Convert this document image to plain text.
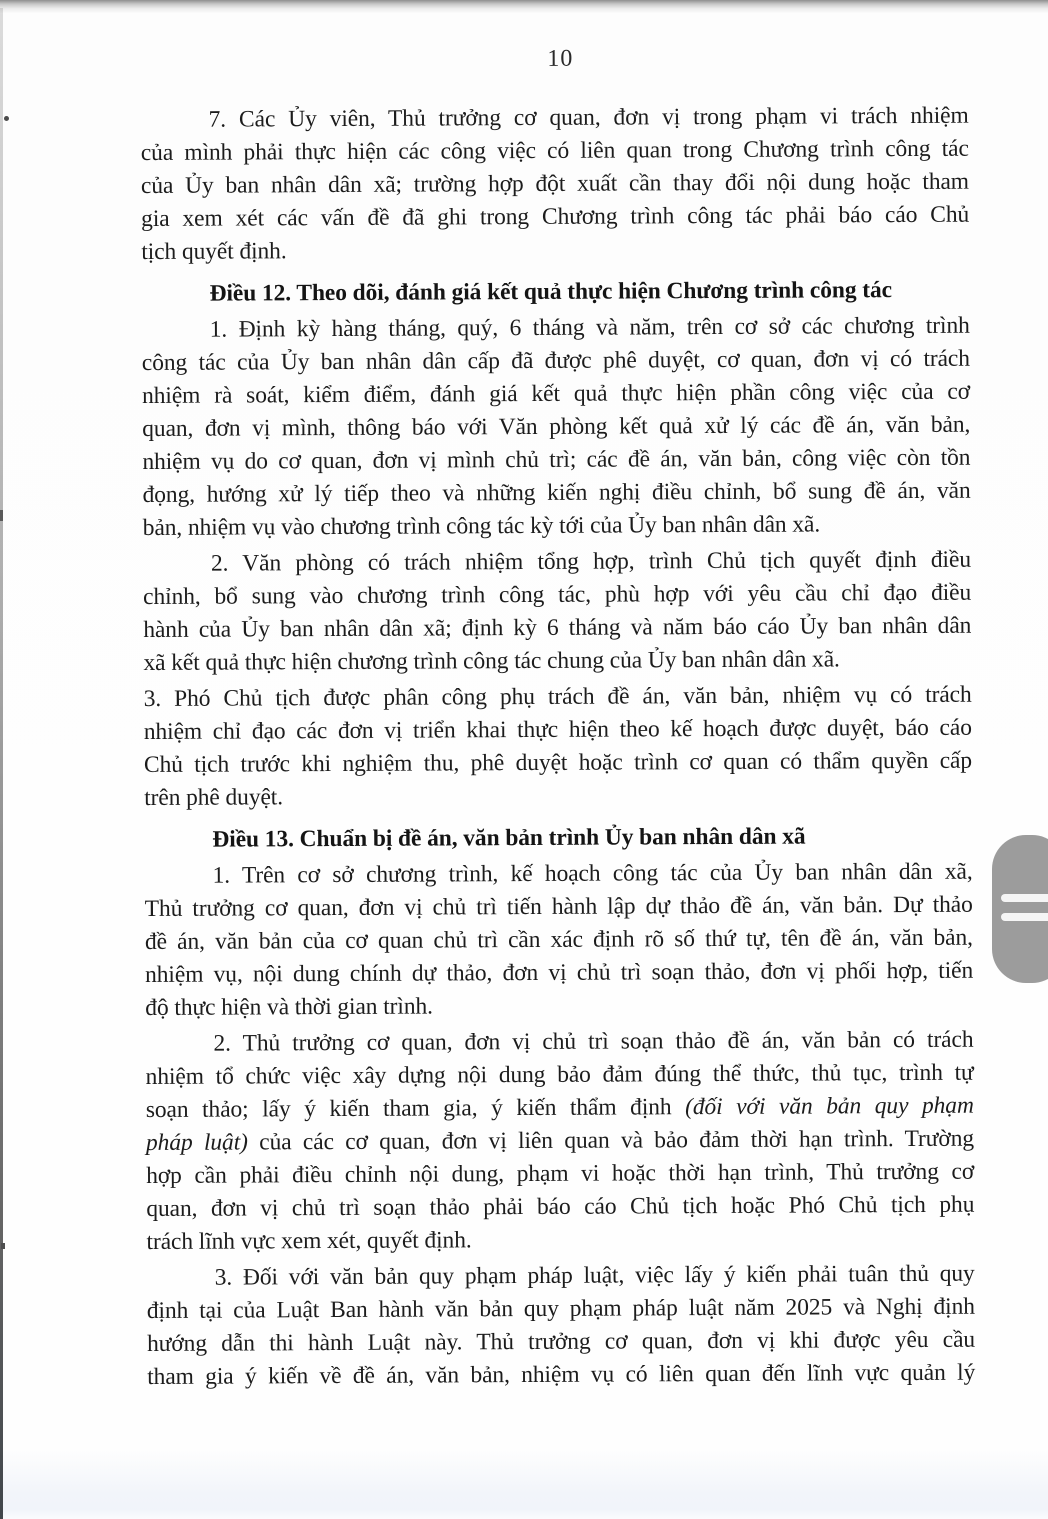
10
7. Các Ủy viên, Thủ trưởng cơ quan, đơn vị trong phạm vi trách nhiệm
của mình phải thực hiện các công việc có liên quan trong Chương trình công tác
của Ủy ban nhân dân xã; trường hợp đột xuất cần thay đổi nội dung hoặc tham
gia xem xét các vấn đề đã ghi trong Chương trình công tác phải báo cáo Chủ
tịch quyết định.
Điều 12. Theo dõi, đánh giá kết quả thực hiện Chương trình công tác
1. Định kỳ hàng tháng, quý, 6 tháng và năm, trên cơ sở các chương trình
công tác của Ủy ban nhân dân cấp đã được phê duyệt, cơ quan, đơn vị có trách
nhiệm rà soát, kiểm điểm, đánh giá kết quả thực hiện phần công việc của cơ
quan, đơn vị mình, thông báo với Văn phòng kết quả xử lý các đề án, văn bản,
nhiệm vụ do cơ quan, đơn vị mình chủ trì; các đề án, văn bản, công việc còn tồn
đọng, hướng xử lý tiếp theo và những kiến nghị điều chỉnh, bổ sung đề án, văn
bản, nhiệm vụ vào chương trình công tác kỳ tới của Ủy ban nhân dân xã.
2. Văn phòng có trách nhiệm tổng hợp, trình Chủ tịch quyết định điều
chỉnh, bổ sung vào chương trình công tác, phù hợp với yêu cầu chỉ đạo điều
hành của Ủy ban nhân dân xã; định kỳ 6 tháng và năm báo cáo Ủy ban nhân dân
xã kết quả thực hiện chương trình công tác chung của Ủy ban nhân dân xã.
3. Phó Chủ tịch được phân công phụ trách đề án, văn bản, nhiệm vụ có trách
nhiệm chỉ đạo các đơn vị triển khai thực hiện theo kế hoạch được duyệt, báo cáo
Chủ tịch trước khi nghiệm thu, phê duyệt hoặc trình cơ quan có thẩm quyền cấp
trên phê duyệt.
Điều 13. Chuẩn bị đề án, văn bản trình Ủy ban nhân dân xã
1. Trên cơ sở chương trình, kế hoạch công tác của Ủy ban nhân dân xã,
Thủ trưởng cơ quan, đơn vị chủ trì tiến hành lập dự thảo đề án, văn bản. Dự thảo
đề án, văn bản của cơ quan chủ trì cần xác định rõ số thứ tự, tên đề án, văn bản,
nhiệm vụ, nội dung chính dự thảo, đơn vị chủ trì soạn thảo, đơn vị phối hợp, tiến
độ thực hiện và thời gian trình.
2. Thủ trưởng cơ quan, đơn vị chủ trì soạn thảo đề án, văn bản có trách
nhiệm tổ chức việc xây dựng nội dung bảo đảm đúng thể thức, thủ tục, trình tự
soạn thảo; lấy ý kiến tham gia, ý kiến thẩm định (đối với văn bản quy phạm
pháp luật) của các cơ quan, đơn vị liên quan và bảo đảm thời hạn trình. Trường
hợp cần phải điều chỉnh nội dung, phạm vi hoặc thời hạn trình, Thủ trưởng cơ
quan, đơn vị chủ trì soạn thảo phải báo cáo Chủ tịch hoặc Phó Chủ tịch phụ
trách lĩnh vực xem xét, quyết định.
3. Đối với văn bản quy phạm pháp luật, việc lấy ý kiến phải tuân thủ quy
định tại của Luật Ban hành văn bản quy phạm pháp luật năm 2025 và Nghị định
hướng dẫn thi hành Luật này. Thủ trưởng cơ quan, đơn vị khi được yêu cầu
tham gia ý kiến về đề án, văn bản, nhiệm vụ có liên quan đến lĩnh vực quản lý
